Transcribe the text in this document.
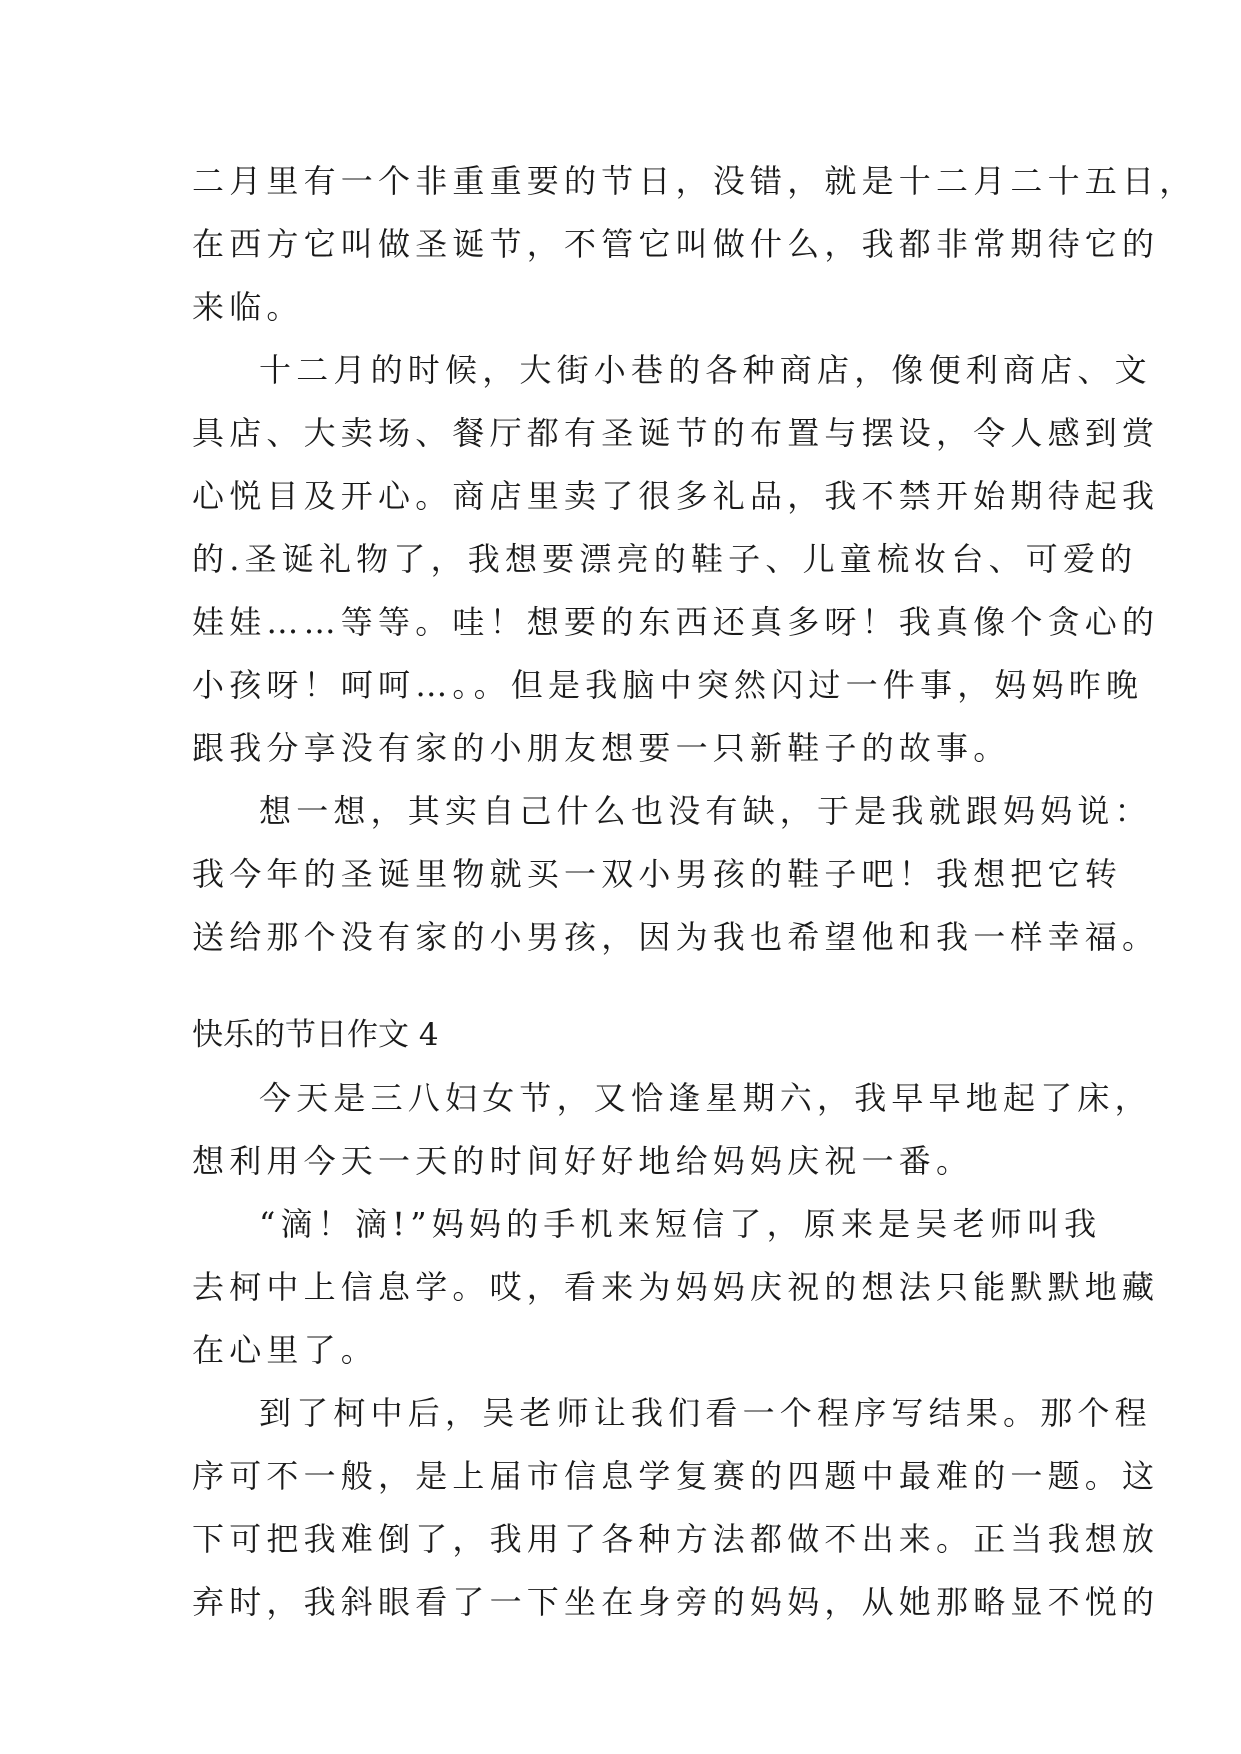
二月里有一个非重重要的节日，没错，就是十二月二十五日，
在西方它叫做圣诞节，不管它叫做什么，我都非常期待它的
来临。
十二月的时候，大街小巷的各种商店，像便利商店、文
具店、大卖场、餐厅都有圣诞节的布置与摆设，令人感到赏
心悦目及开心。商店里卖了很多礼品，我不禁开始期待起我
的.圣诞礼物了，我想要漂亮的鞋子、儿童梳妆台、可爱的
娃娃……等等。哇！想要的东西还真多呀！我真像个贪心的
小孩呀！呵呵…。。但是我脑中突然闪过一件事，妈妈昨晚
跟我分享没有家的小朋友想要一只新鞋子的故事。
想一想，其实自己什么也没有缺，于是我就跟妈妈说：
我今年的圣诞里物就买一双小男孩的鞋子吧！我想把它转
送给那个没有家的小男孩，因为我也希望他和我一样幸福。
快乐的节日作文 4
今天是三八妇女节，又恰逢星期六，我早早地起了床，
想利用今天一天的时间好好地给妈妈庆祝一番。
“滴！滴!”妈妈的手机来短信了，原来是吴老师叫我
去柯中上信息学。哎，看来为妈妈庆祝的想法只能默默地藏
在心里了。
到了柯中后，吴老师让我们看一个程序写结果。那个程
序可不一般，是上届市信息学复赛的四题中最难的一题。这
下可把我难倒了，我用了各种方法都做不出来。正当我想放
弃时，我斜眼看了一下坐在身旁的妈妈，从她那略显不悦的
